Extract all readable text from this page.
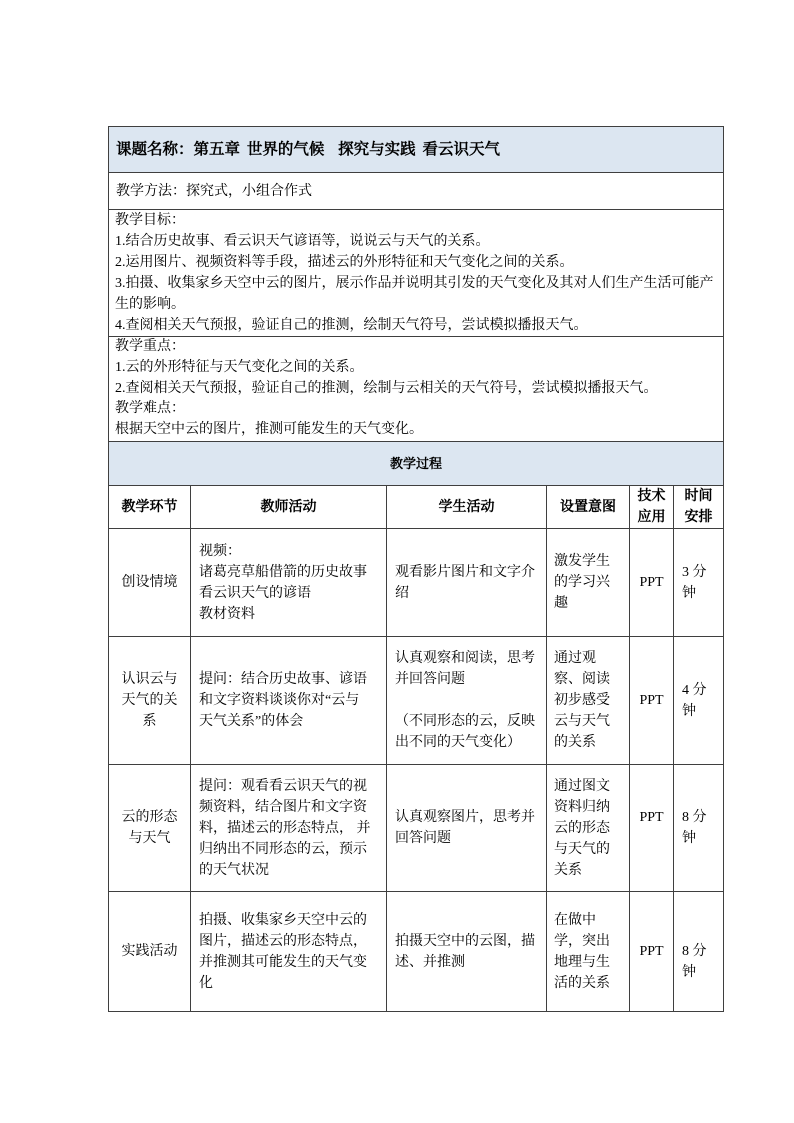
课题名称：第五章 世界的气候  探究与实践 看云识天气					
教学方法：探究式，小组合作式					

教学目标：
1.结合历史故事、看云识天气谚语等，说说云与天气的关系。
2.运用图片、视频资料等手段，描述云的外形特征和天气变化之间的关系。
3.拍摄、收集家乡天空中云的图片，展示作品并说明其引发的天气变化及其对人们生产生活可能产生的影响。
4.查阅相关天气预报，验证自己的推测，绘制天气符号，尝试模拟播报天气。					

教学重点：
1.云的外形特征与天气变化之间的关系。
2.查阅相关天气预报，验证自己的推测，绘制与云相关的天气符号，尝试模拟播报天气。
教学难点：
根据天空中云的图片，推测可能发生的天气变化。					

教学过程					
教学环节	教师活动	学生活动	设置意图	技术应用	时间安排
创设情境	视频：
诸葛亮草船借箭的历史故事
看云识天气的谚语
教材资料	观看影片图片和文字介绍	激发学生的学习兴趣	PPT	3 分钟
认识云与天气的关系	提问：结合历史故事、谚语和文字资料谈谈你对“云与天气关系”的体会	认真观察和阅读，思考并回答问题
（不同形态的云，反映出不同的天气变化）	通过观察、阅读初步感受云与天气的关系	PPT	4 分钟
云的形态与天气	提问：观看看云识天气的视频资料，结合图片和文字资料，描述云的形态特点， 并归纳出不同形态的云，预示的天气状况	认真观察图片，思考并回答问题	通过图文资料归纳云的形态与天气的关系	PPT	8 分钟
实践活动	拍摄、收集家乡天空中云的图片，描述云的形态特点， 并推测其可能发生的天气变化	拍摄天空中的云图，描述、并推测	在做中学，突出地理与生活的关系	PPT	8 分钟
